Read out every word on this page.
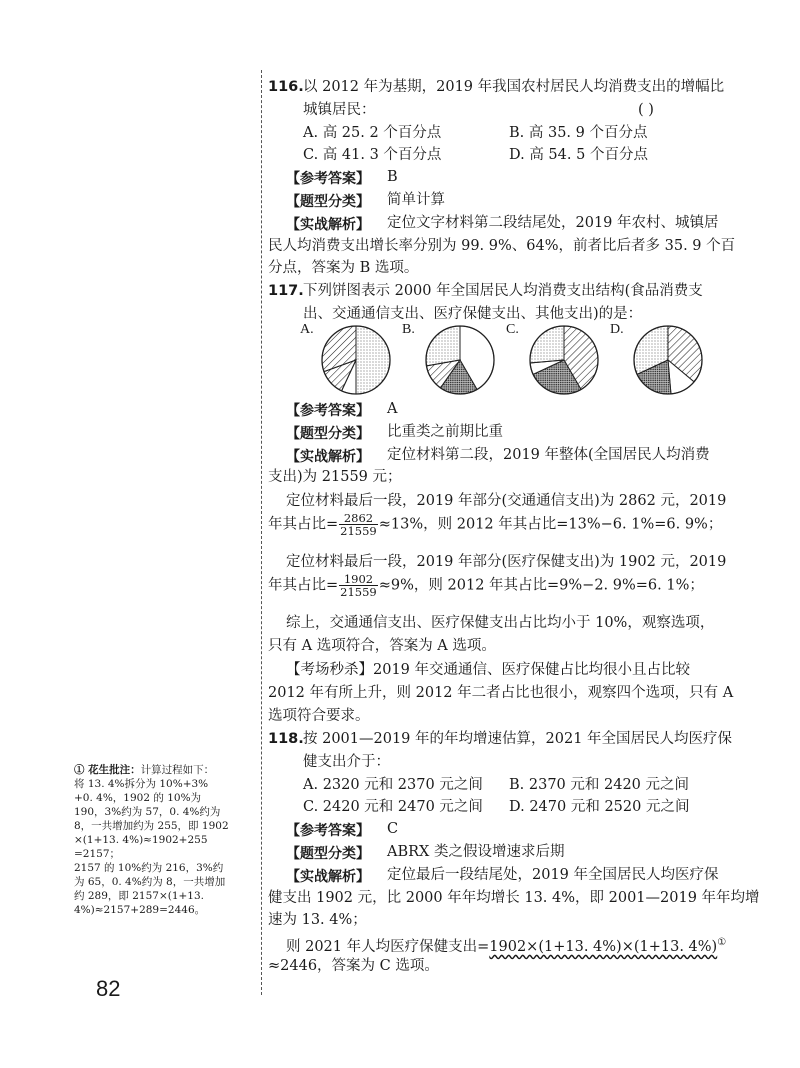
116. 以 2012 年为基期，2019 年我国农村居民人均消费支出的增幅比
城镇居民：	( )
A. 高 25. 2 个百分点	B. 高 35. 9 个百分点
C. 高 41. 3 个百分点	D. 高 54. 5 个百分点
【参考答案】 B
【题型分类】 简单计算
【实战解析】 定位文字材料第二段结尾处，2019 年农村、城镇居
民人均消费支出增长率分别为 99. 9%、64%，前者比后者多 35. 9 个百
分点，答案为 B 选项。
117. 下列饼图表示 2000 年全国居民人均消费支出结构(食品消费支
出、交通通信支出、医疗保健支出、其他支出)的是：
A.	B.	C.	D.
【参考答案】 A
【题型分类】 比重类之前期比重
【实战解析】 定位材料第二段，2019 年整体(全国居民人均消费
支出)为 21559 元；
定位材料最后一段，2019 年部分(交通通信支出)为 2862 元，2019
年其占比= $\frac{2862}{21559} \approx 13\%$，则 2012 年其占比=13%−6. 1%=6. 9%；
定位材料最后一段，2019 年部分(医疗保健支出)为 1902 元，2019
年其占比= $\frac{1902}{21559} \approx 9\%$，则 2012 年其占比=9%−2. 9%=6. 1%；
综上，交通通信支出、医疗保健支出占比均小于 10%，观察选项，
只有 A 选项符合，答案为 A 选项。
【考场秒杀】2019 年交通通信、医疗保健占比均很小且占比较
2012 年有所上升，则 2012 年二者占比也很小，观察四个选项，只有 A
选项符合要求。
118. 按 2001—2019 年的年均增速估算，2021 年全国居民人均医疗保
健支出介于：
A. 2320 元和 2370 元之间 B. 2370 元和 2420 元之间
C. 2420 元和 2470 元之间 D. 2470 元和 2520 元之间
【参考答案】 C
【题型分类】 ABRX 类之假设增速求后期
【实战解析】 定位最后一段结尾处，2019 年全国居民人均医疗保
健支出 1902 元，比 2000 年年均增长 13. 4%，即 2001—2019 年年均增
速为 13. 4%；
则 2021 年人均医疗保健支出=1902×(1+13. 4%)×(1+13. 4%)①
≈2446，答案为 C 选项。
① 花生批注：计算过程如下：
将 13. 4%拆分为 10%+3%
+0. 4%，1902 的 10%为
190，3%约为 57，0. 4%约为
8，一共增加约为 255，即 1902
×(1+13. 4%)≈1902+255
=2157；
2157 的 10%约为 216，3%约
为 65，0. 4%约为 8，一共增加
约 289，即 2157×(1+13.
4%)≈2157+289=2446。
82
